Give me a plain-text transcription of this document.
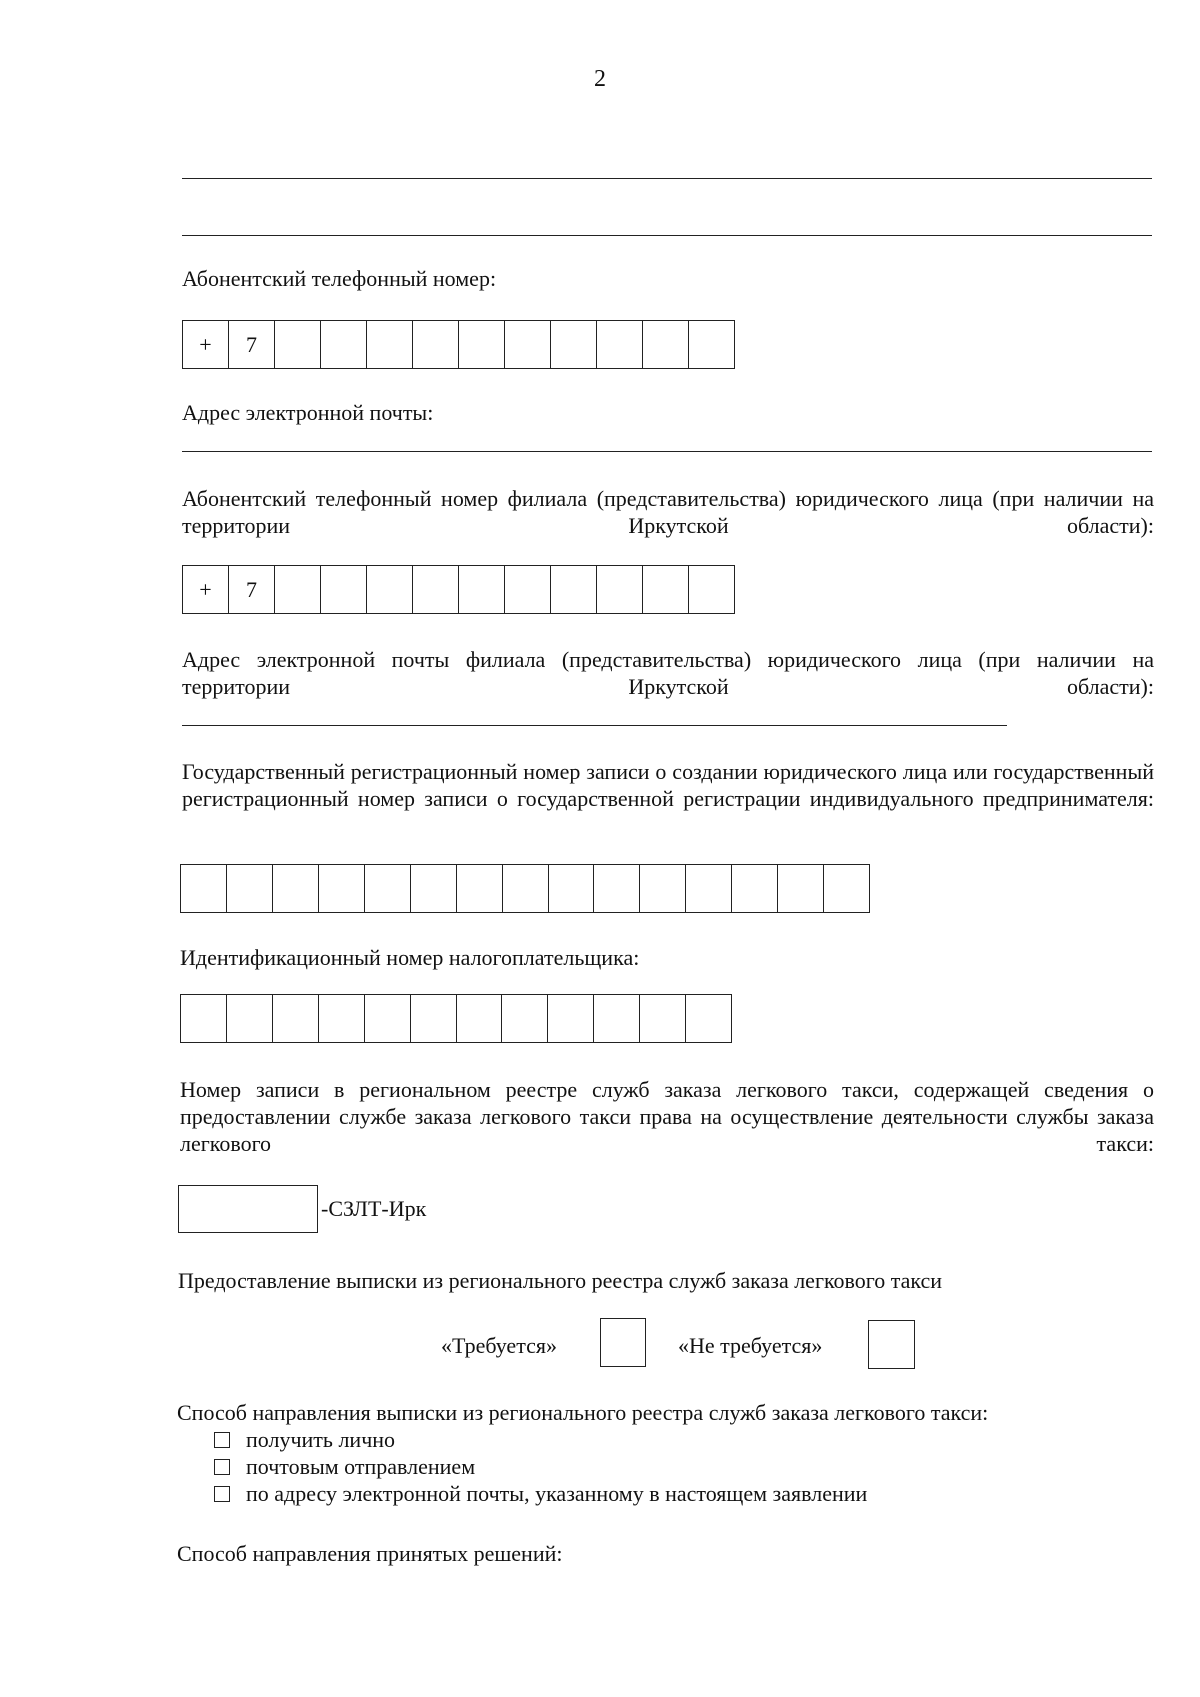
2
Абонентский телефонный номер:
+	7
Адрес электронной почты:
Абонентский телефонный номер филиала (представительства) юридического лица (при наличии на территории Иркутской области):
+	7
Адрес электронной почты филиала (представительства) юридического лица (при наличии на территории Иркутской области):
Государственный регистрационный номер записи о создании юридического лица или государственный регистрационный номер записи о государственной регистрации индивидуального предпринимателя:
Идентификационный номер налогоплательщика:
Номер записи в региональном реестре служб заказа легкового такси, содержащей сведения о предоставлении службе заказа легкового такси права на осуществление деятельности службы заказа легкового такси:
-СЗЛТ-Ирк
Предоставление выписки из регионального реестра служб заказа легкового такси
«Требуется»	«Не требуется»
Способ направления выписки из регионального реестра служб заказа легкового такси:
получить лично
почтовым отправлением
по адресу электронной почты, указанному в настоящем заявлении
Способ направления принятых решений:
